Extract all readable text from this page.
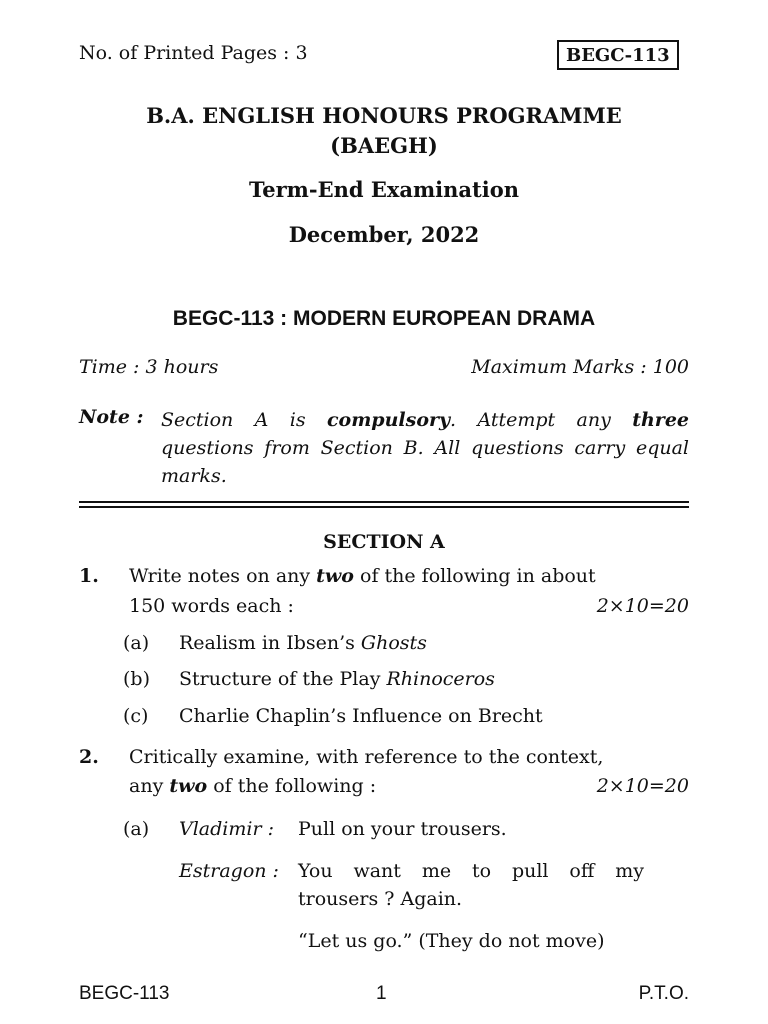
No. of Printed Pages : 3	BEGC-113
B.A. ENGLISH HONOURS PROGRAMME
(BAEGH)
Term-End Examination
December, 2022
BEGC-113 : MODERN EUROPEAN DRAMA
Time : 3 hours	Maximum Marks : 100
Note : Section A is compulsory. Attempt any three questions from Section B. All questions carry equal marks.
SECTION A
1. Write notes on any two of the following in about
150 words each :	2×10=20
(a) Realism in Ibsen’s Ghosts
(b) Structure of the Play Rhinoceros
(c) Charlie Chaplin’s Influence on Brecht
2. Critically examine, with reference to the context,
any two of the following :	2×10=20
(a) Vladimir : Pull on your trousers.
Estragon : You want me to pull off my
trousers ? Again.
“Let us go.” (They do not move)
BEGC-113	1	P.T.O.
